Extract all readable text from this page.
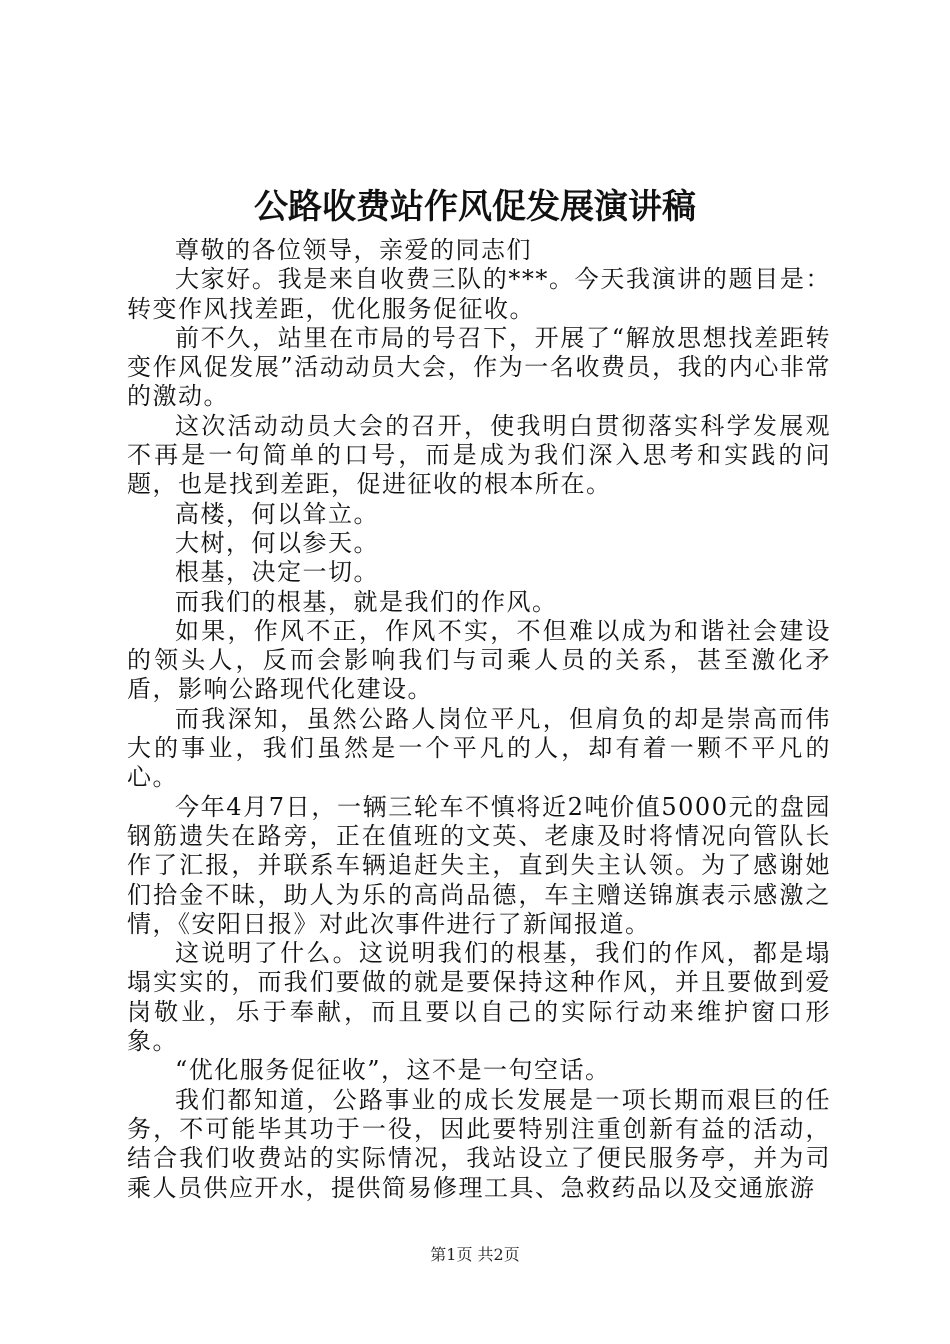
公路收费站作风促发展演讲稿

尊敬的各位领导，亲爱的同志们

大家好。我是来自收费三队的***。今天我演讲的题目是：转变作风找差距，优化服务促征收。

前不久，站里在市局的号召下，开展了“解放思想找差距转变作风促发展”活动动员大会，作为一名收费员，我的内心非常的激动。

这次活动动员大会的召开，使我明白贯彻落实科学发展观不再是一句简单的口号，而是成为我们深入思考和实践的问题，也是找到差距，促进征收的根本所在。

高楼，何以耸立。

大树，何以参天。

根基，决定一切。

而我们的根基，就是我们的作风。

如果，作风不正，作风不实，不但难以成为和谐社会建设的领头人，反而会影响我们与司乘人员的关系，甚至激化矛盾，影响公路现代化建设。

而我深知，虽然公路人岗位平凡，但肩负的却是崇高而伟大的事业，我们虽然是一个平凡的人，却有着一颗不平凡的心。

今年4月7日，一辆三轮车不慎将近2吨价值5000元的盘园钢筋遗失在路旁，正在值班的文英、老康及时将情况向管队长作了汇报，并联系车辆追赶失主，直到失主认领。为了感谢她们拾金不昧，助人为乐的高尚品德，车主赠送锦旗表示感激之情，《安阳日报》对此次事件进行了新闻报道。

这说明了什么。这说明我们的根基，我们的作风，都是塌塌实实的，而我们要做的就是要保持这种作风，并且要做到爱岗敬业，乐于奉献，而且要以自己的实际行动来维护窗口形象。

“优化服务促征收”，这不是一句空话。

我们都知道，公路事业的成长发展是一项长期而艰巨的任务，不可能毕其功于一役，因此要特别注重创新有益的活动，结合我们收费站的实际情况，我站设立了便民服务亭，并为司乘人员供应开水，提供简易修理工具、急救药品以及交通旅游

第1页 共2页
